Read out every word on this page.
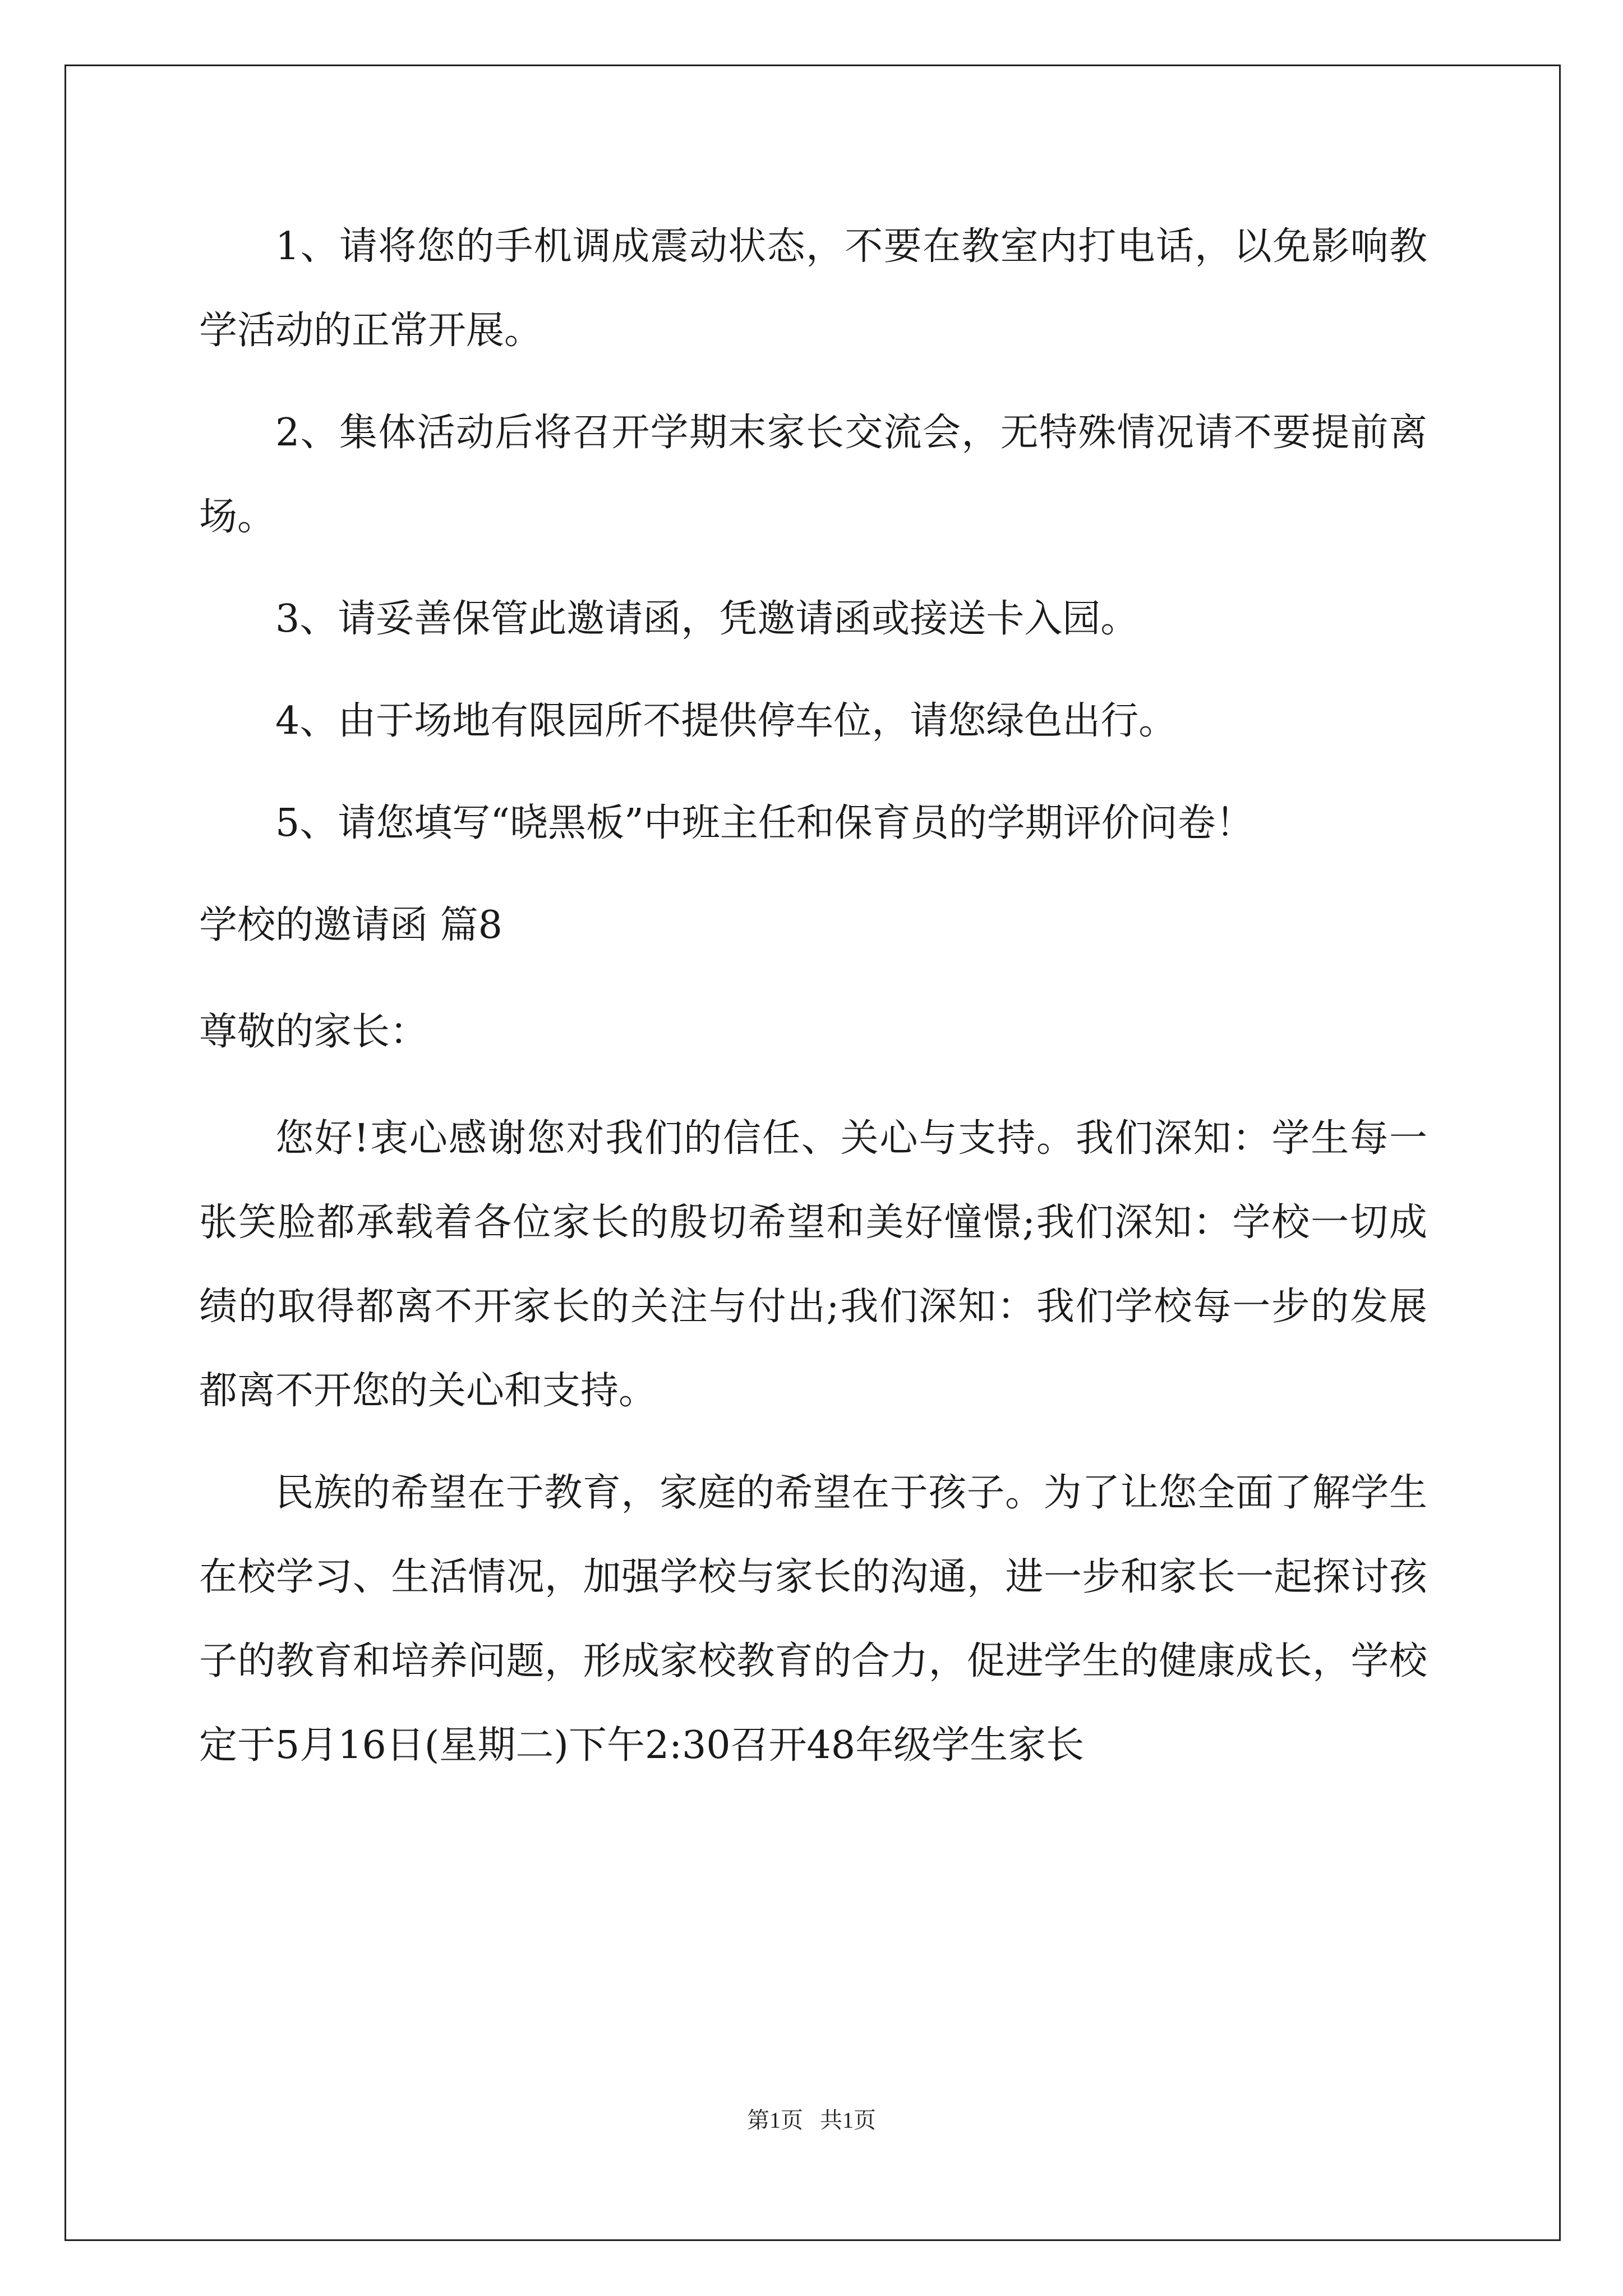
1、请将您的手机调成震动状态，不要在教室内打电话，以免影响教学活动的正常开展。

2、集体活动后将召开学期末家长交流会，无特殊情况请不要提前离场。

3、请妥善保管此邀请函，凭邀请函或接送卡入园。

4、由于场地有限园所不提供停车位，请您绿色出行。

5、请您填写“晓黑板”中班主任和保育员的学期评价问卷！

学校的邀请函 篇8

尊敬的家长：

您好!衷心感谢您对我们的信任、关心与支持。我们深知：学生每一张笑脸都承载着各位家长的殷切希望和美好憧憬;我们深知：学校一切成绩的取得都离不开家长的关注与付出;我们深知：我们学校每一步的发展都离不开您的关心和支持。

民族的希望在于教育，家庭的希望在于孩子。为了让您全面了解学生在校学习、生活情况，加强学校与家长的沟通，进一步和家长一起探讨孩子的教育和培养问题，形成家校教育的合力，促进学生的健康成长，学校定于5月16日(星期二)下午2:30召开48年级学生家长

第1页   共1页
